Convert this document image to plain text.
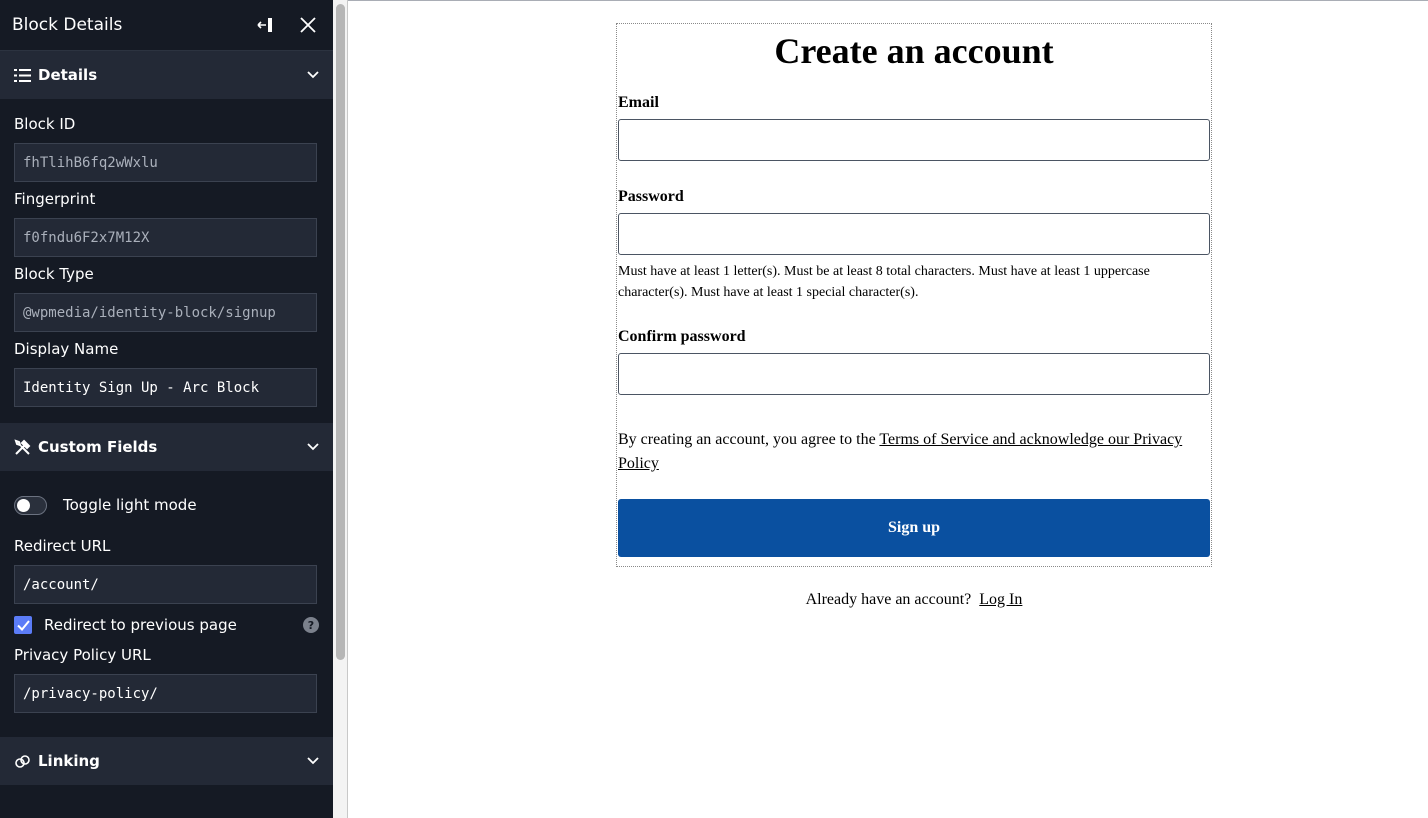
Block Details
Details
Block ID
fhTlihB6fq2wWxlu
Fingerprint
f0fndu6F2x7M12X
Block Type
@wpmedia/identity-block/signup
Display Name
Identity Sign Up - Arc Block
Custom Fields
Toggle light mode
Redirect URL
/account/
Redirect to previous page	?
Privacy Policy URL
/privacy-policy/
Linking
Create an account
Email
Password
Must have at least 1 letter(s). Must be at least 8 total characters. Must have at least 1 uppercase character(s). Must have at least 1 special character(s).
Confirm password
By creating an account, you agree to the Terms of Service and acknowledge our Privacy Policy
Sign up
Already have an account? Log In
